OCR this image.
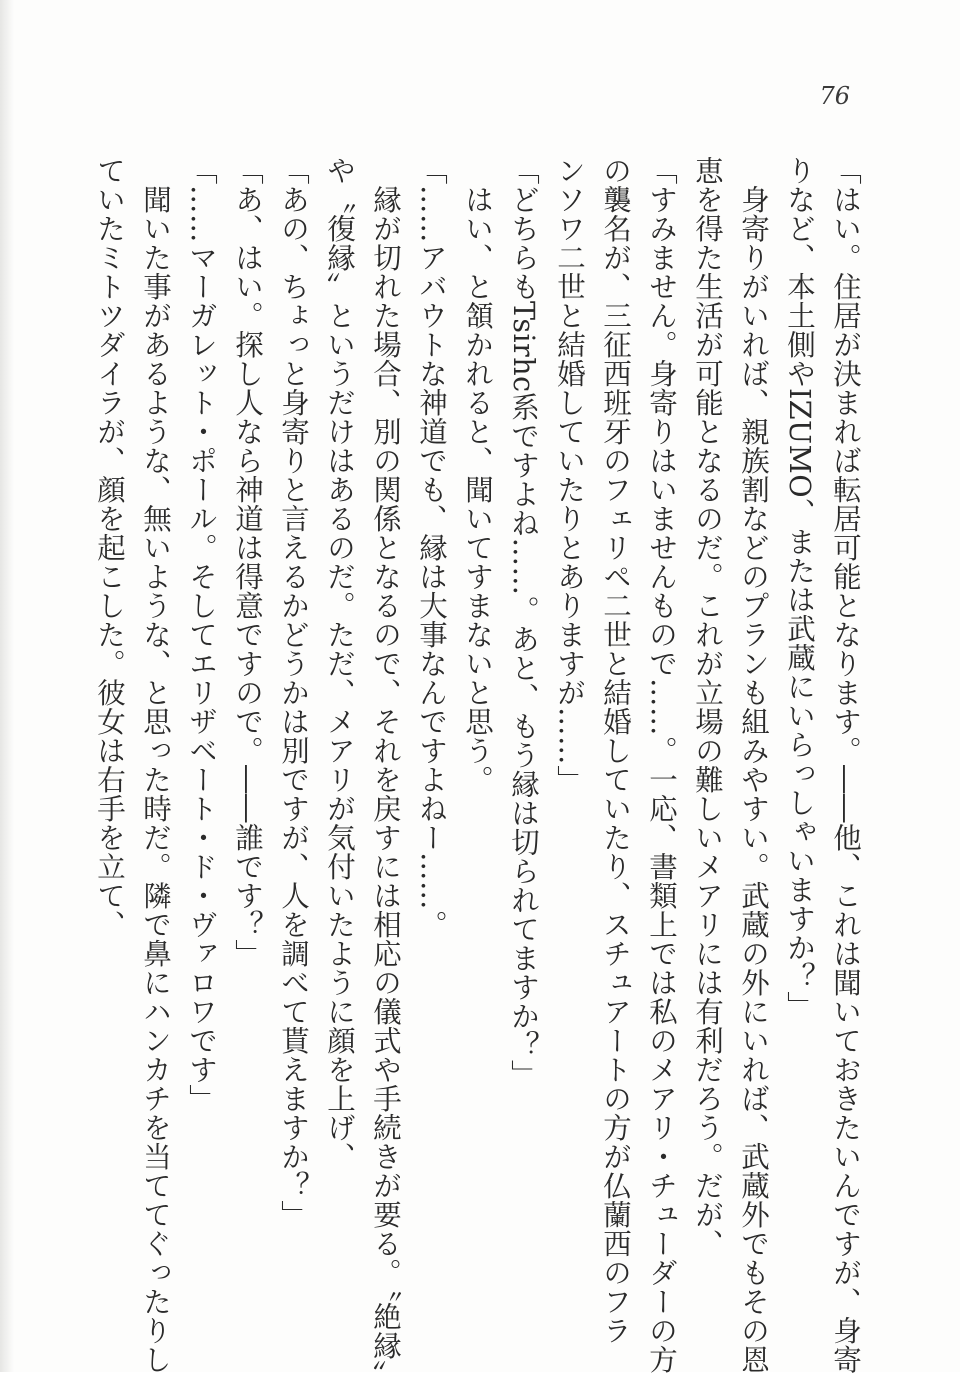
76
「はい。住居が決まれば転居可能となります。――他、これは聞いておきたいんですが、身寄
りなど、本土側やIZUMO、または武蔵にいらっしゃいますか？」
　身寄りがいれば、親族割などのプランも組みやすい。武蔵の外にいれば、武蔵外でもその恩
恵を得た生活が可能となるのだ。これが立場の難しいメアリには有利だろう。だが、
「すみません。身寄りはいませんもので……。一応、書類上では私のメアリ・チューダーの方
の襲名が、三征西班牙のフェリペ二世と結婚していたり、スチュアートの方が仏蘭西のフラ
ンソワ二世と結婚していたりとありますが……」
「どちらもTsirhc系ですよね……。あと、もう縁は切られてますか？」
　はい、と頷かれると、聞いてすまないと思う。
「……アバウトな神道でも、縁は大事なんですよねー……。
　縁が切れた場合、別の関係となるので、それを戻すには相応の儀式や手続きが要る。〝絶縁〟
や〝復縁〟というだけはあるのだ。ただ、メアリが気付いたように顔を上げ、
「あの、ちょっと身寄りと言えるかどうかは別ですが、人を調べて貰えますか？」
「あ、はい。探し人なら神道は得意ですので。――誰です？」
「……マーガレット・ポール。そしてエリザベート・ド・ヴァロワです」
　聞いた事があるような、無いような、と思った時だ。隣で鼻にハンカチを当ててぐったりし
ていたミトツダイラが、顔を起こした。彼女は右手を立て、
